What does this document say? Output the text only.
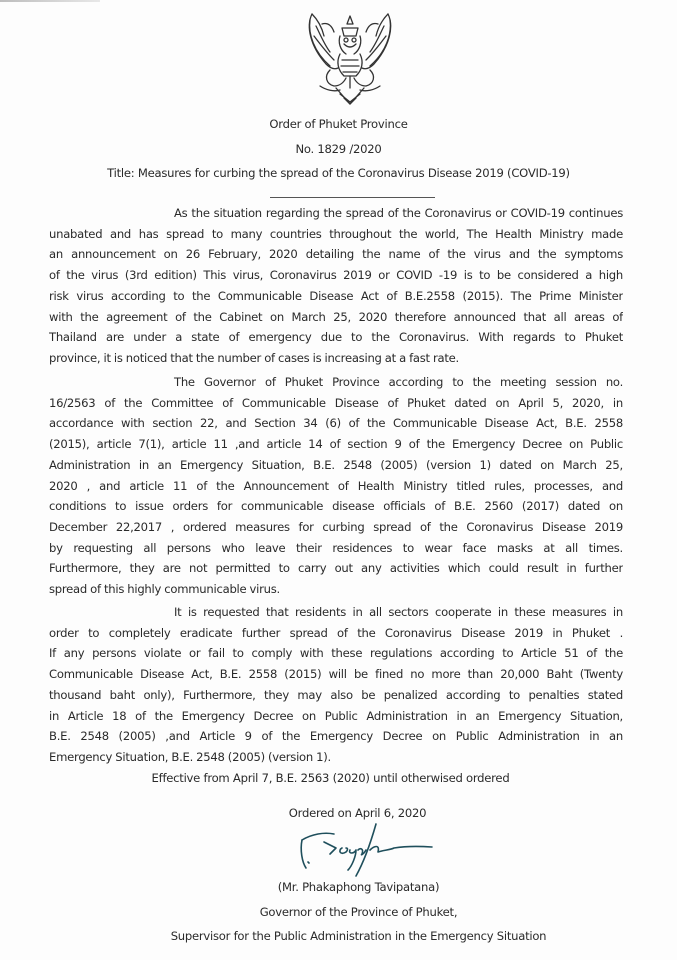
Order of Phuket Province
No. 1829 /2020
Title: Measures for curbing the spread of the Coronavirus Disease 2019 (COVID-19)
As the situation regarding the spread of the Coronavirus or COVID-19 continues
unabated and has spread to many countries throughout the world, The Health Ministry made
an announcement on 26 February, 2020 detailing the name of the virus and the symptoms
of the virus (3rd edition) This virus, Coronavirus 2019 or COVID -19 is to be considered a high
risk virus according to the Communicable Disease Act of B.E.2558 (2015). The Prime Minister
with the agreement of the Cabinet on March 25, 2020 therefore announced that all areas of
Thailand are under a state of emergency due to the Coronavirus. With regards to Phuket
province, it is noticed that the number of cases is increasing at a fast rate.
The Governor of Phuket Province according to the meeting session no.
16/2563 of the Committee of Communicable Disease of Phuket dated on April 5, 2020, in
accordance with section 22, and Section 34 (6) of the Communicable Disease Act, B.E. 2558
(2015), article 7(1), article 11 ,and article 14 of section 9 of the Emergency Decree on Public
Administration in an Emergency Situation, B.E. 2548 (2005) (version 1) dated on March 25,
2020 , and article 11 of the Announcement of Health Ministry titled rules, processes, and
conditions to issue orders for communicable disease officials of B.E. 2560 (2017) dated on
December 22,2017 , ordered measures for curbing spread of the Coronavirus Disease 2019
by requesting all persons who leave their residences to wear face masks at all times.
Furthermore, they are not permitted to carry out any activities which could result in further
spread of this highly communicable virus.
It is requested that residents in all sectors cooperate in these measures in
order to completely eradicate further spread of the Coronavirus Disease 2019 in Phuket .
If any persons violate or fail to comply with these regulations according to Article 51 of the
Communicable Disease Act, B.E. 2558 (2015) will be fined no more than 20,000 Baht (Twenty
thousand baht only), Furthermore, they may also be penalized according to penalties stated
in Article 18 of the Emergency Decree on Public Administration in an Emergency Situation,
B.E. 2548 (2005) ,and Article 9 of the Emergency Decree on Public Administration in an
Emergency Situation, B.E. 2548 (2005) (version 1).
Effective from April 7, B.E. 2563 (2020) until otherwised ordered
Ordered on April 6, 2020
(Mr. Phakaphong Tavipatana)
Governor of the Province of Phuket,
Supervisor for the Public Administration in the Emergency Situation
